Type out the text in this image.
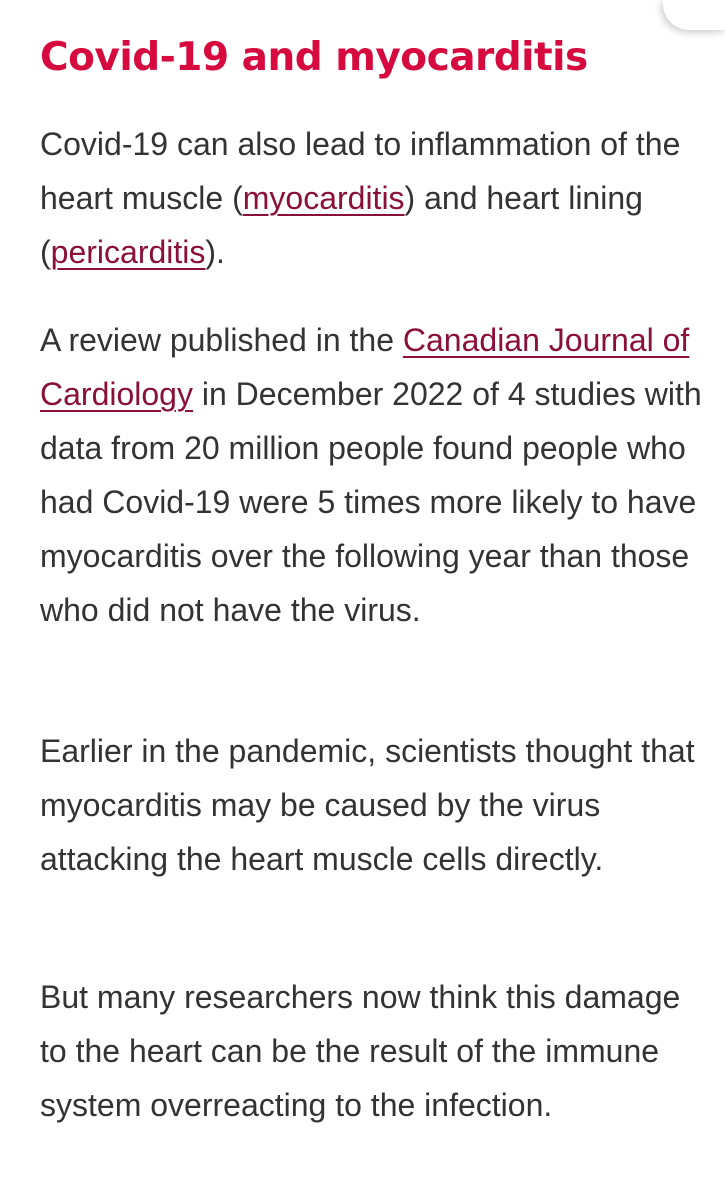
Covid-19 and myocarditis

Covid-19 can also lead to inflammation of the heart muscle (myocarditis) and heart lining (pericarditis).

A review published in the Canadian Journal of Cardiology in December 2022 of 4 studies with data from 20 million people found people who had Covid-19 were 5 times more likely to have myocarditis over the following year than those who did not have the virus.

Earlier in the pandemic, scientists thought that myocarditis may be caused by the virus attacking the heart muscle cells directly.

But many researchers now think this damage to the heart can be the result of the immune system overreacting to the infection.
